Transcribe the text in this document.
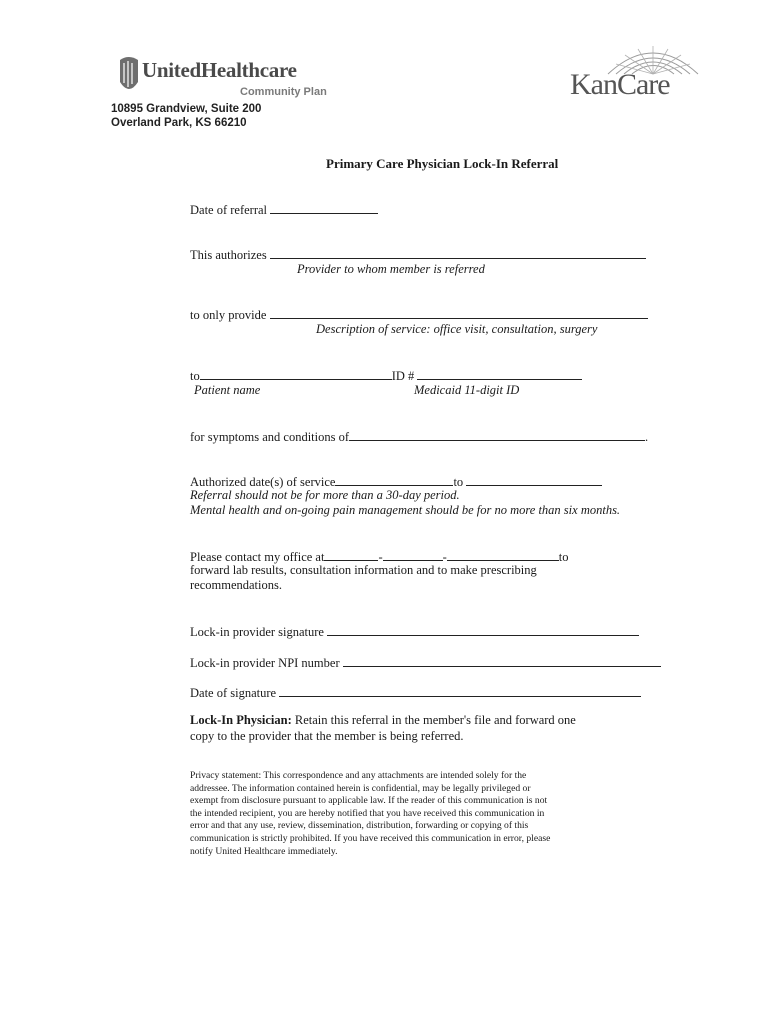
UnitedHealthcare
Community Plan	KanCare
10895 Grandview, Suite 200
Overland Park, KS 66210
Primary Care Physician Lock-In Referral
Date of referral
This authorizes
Provider to whom member is referred
to only provide
Description of service: office visit, consultation, surgery
to	ID #
Patient name	Medicaid 11-digit ID
for symptoms and conditions of	.
Authorized date(s) of service	to
Referral should not be for more than a 30-day period.
Mental health and on-going pain management should be for no more than six months.
Please contact my office at	-	-	to
forward lab results, consultation information and to make prescribing
recommendations.
Lock-in provider signature
Lock-in provider NPI number
Date of signature
Lock-In Physician: Retain this referral in the member's file and forward one
copy to the provider that the member is being referred.
Privacy statement: This correspondence and any attachments are intended solely for the
addressee. The information contained herein is confidential, may be legally privileged or
exempt from disclosure pursuant to applicable law. If the reader of this communication is not
the intended recipient, you are hereby notified that you have received this communication in
error and that any use, review, dissemination, distribution, forwarding or copying of this
communication is strictly prohibited. If you have received this communication in error, please
notify United Healthcare immediately.
